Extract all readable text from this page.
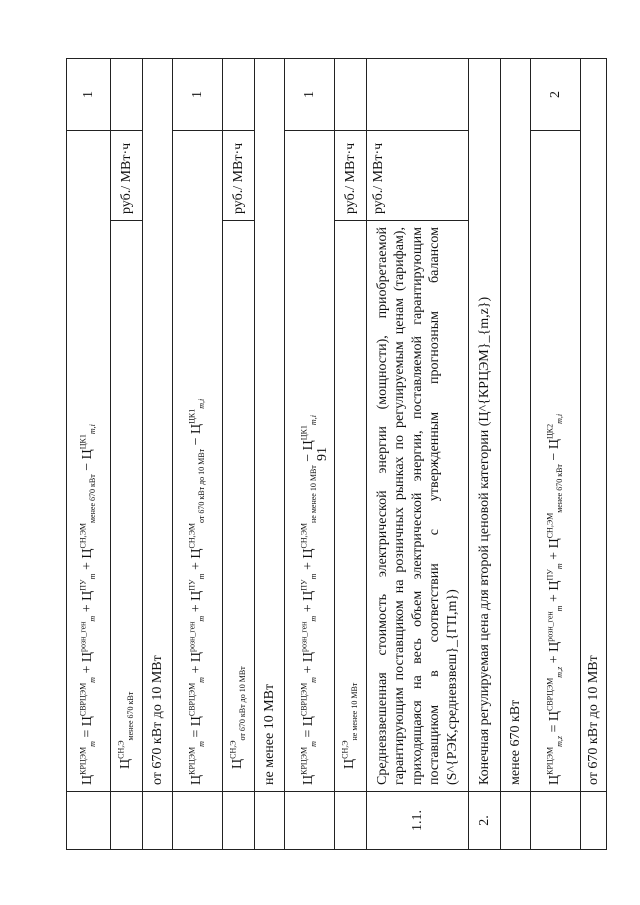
91
	$Ц^{КРЦЭМ}_m = Ц^{СВРЦЭМ}_m + Ц^{розн\_ген}_m + Ц^{ПУ}_m + Ц^{СН,ЭМ}_{менее 670 кВт} - Ц^{ЦК1}_{m,i}$		1
	$Ц^{СН,Э}_{менее 670 кВт}$	руб./ МВт·ч	
	от 670 кВт до 10 МВт		
	$Ц^{КРЦЭМ}_m = Ц^{СВРЦЭМ}_m + Ц^{розн\_ген}_m + Ц^{ПУ}_m + Ц^{СН,ЭМ}_{от 670 кВт до 10 МВт} - Ц^{ЦК1}_{m,i}$		1
	$Ц^{СН,Э}_{от 670 кВт до 10 МВт}$	руб./ МВт·ч	
	не менее 10 МВт		
	$Ц^{КРЦЭМ}_m = Ц^{СВРЦЭМ}_m + Ц^{розн\_ген}_m + Ц^{ПУ}_m + Ц^{СН,ЭМ}_{не менее 10 МВт} - Ц^{ЦК1}_{m,i}$		1
	$Ц^{СН,Э}_{не менее 10 МВт}$	руб./ МВт·ч	
1.1.	Средневзвешенная стоимость электрической энергии (мощности), приобретаемой гарантирующим поставщиком на розничных рынках по регулируемым ценам (тарифам), приходящаяся на весь объем электрической энергии, поставляемой гарантирующим поставщиком в соответствии с утвержденным прогнозным балансом (S^{РЭК,средневзвеш}_{ГП,m})	руб./ МВт·ч	
2.	Конечная регулируемая цена для второй ценовой категории (Ц^{КРЦЭМ}_{m,z})		
	менее 670 кВт		
	$Ц^{КРЦЭМ}_{m,z} = Ц^{СВРЦЭМ}_{m,z} + Ц^{розн\_ген}_m + Ц^{ПУ}_m + Ц^{СН,ЭМ}_{менее 670 кВт} - Ц^{ЦК2}_{m,i}$		2
	от 670 кВт до 10 МВт		
